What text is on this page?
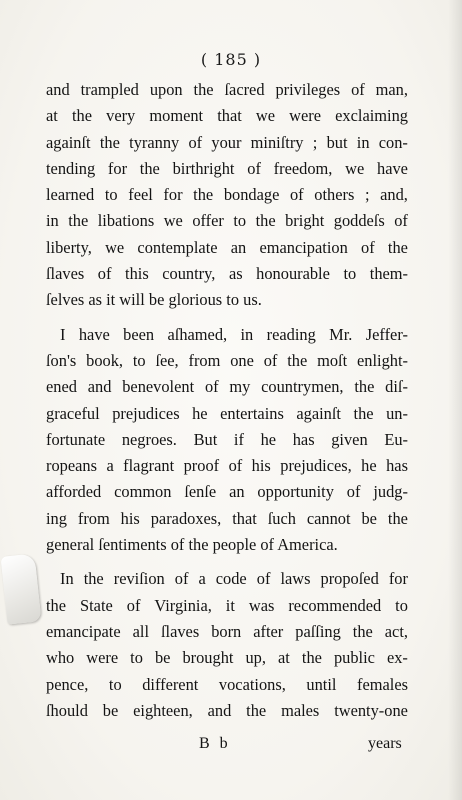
( 185 )
and trampled upon the ſacred privileges of man,
at the very moment that we were exclaiming
againſt the tyranny of your miniſtry ; but in con-
tending for the birthright of freedom, we have
learned to feel for the bondage of others ; and,
in the libations we offer to the bright goddeſs of
liberty, we contemplate an emancipation of the
ſlaves of this country, as honourable to them-
ſelves as it will be glorious to us.
I have been aſhamed, in reading Mr. Jeffer-
ſon's book, to ſee, from one of the moſt enlight-
ened and benevolent of my countrymen, the diſ-
graceful prejudices he entertains againſt the un-
fortunate negroes. But if he has given Eu-
ropeans a flagrant proof of his prejudices, he has
afforded common ſenſe an opportunity of judg-
ing from his paradoxes, that ſuch cannot be the
general ſentiments of the people of America.
In the reviſion of a code of laws propoſed for
the State of Virginia, it was recommended to
emancipate all ſlaves born after paſſing the act,
who were to be brought up, at the public ex-
pence, to different vocations, until females
ſhould be eighteen, and the males twenty-one
B b	years
